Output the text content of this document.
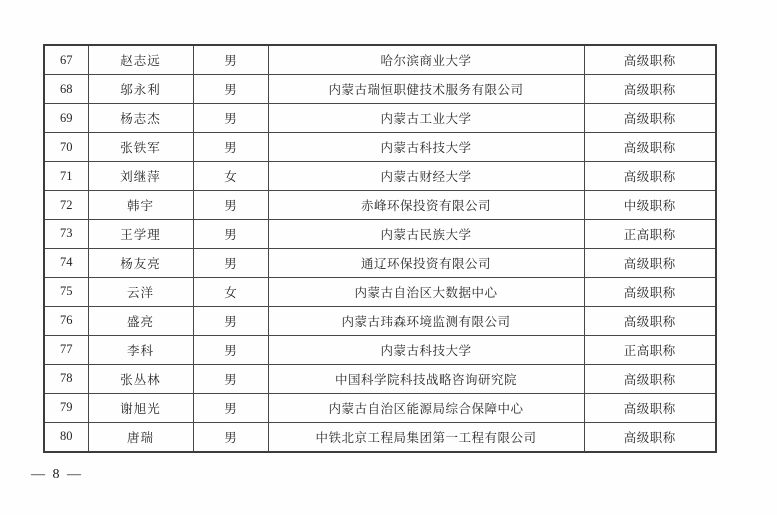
67	赵志远	男	哈尔滨商业大学	高级职称
68	邬永利	男	内蒙古瑞恒职健技术服务有限公司	高级职称
69	杨志杰	男	内蒙古工业大学	高级职称
70	张铁军	男	内蒙古科技大学	高级职称
71	刘继萍	女	内蒙古财经大学	高级职称
72	韩宇	男	赤峰环保投资有限公司	中级职称
73	王学理	男	内蒙古民族大学	正高职称
74	杨友亮	男	通辽环保投资有限公司	高级职称
75	云洋	女	内蒙古自治区大数据中心	高级职称
76	盛亮	男	内蒙古玮森环境监测有限公司	高级职称
77	李科	男	内蒙古科技大学	正高职称
78	张丛林	男	中国科学院科技战略咨询研究院	高级职称
79	谢旭光	男	内蒙古自治区能源局综合保障中心	高级职称
80	唐瑞	男	中铁北京工程局集团第一工程有限公司	高级职称
— 8 —
